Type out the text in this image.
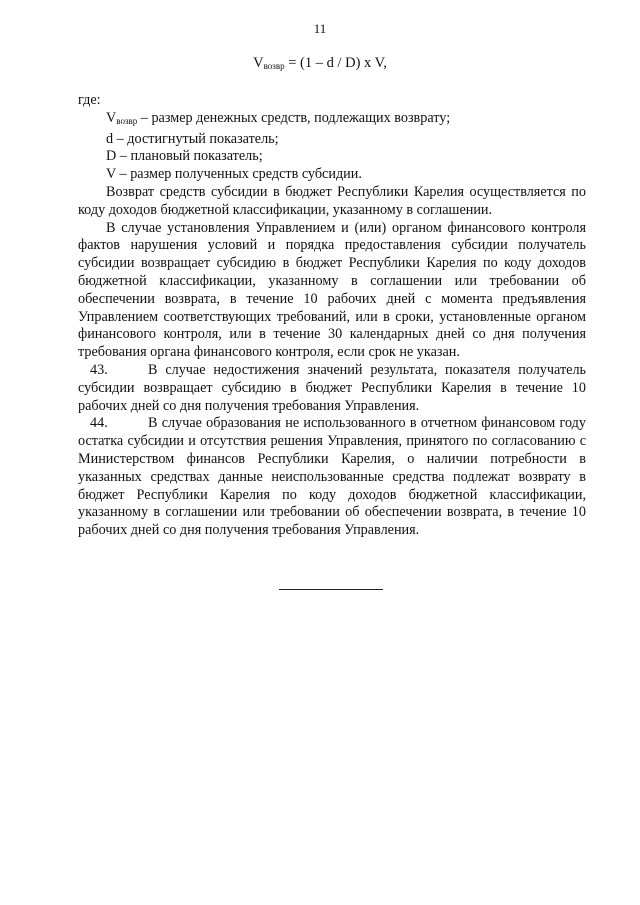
11
$V_{возвр} = (1 - d / D)$ x V,

где:

Vвозвр – размер денежных средств, подлежащих возврату;

d – достигнутый показатель;

D – плановый показатель;

V – размер полученных средств субсидии.

Возврат средств субсидии в бюджет Республики Карелия осуществляется по коду доходов бюджетной классификации, указанному в соглашении.

В случае установления Управлением и (или) органом финансового контроля фактов нарушения условий и порядка предоставления субсидии получатель субсидии возвращает субсидию в бюджет Республики Карелия по коду доходов бюджетной классификации, указанному в соглашении или требовании об обеспечении возврата, в течение 10 рабочих дней с момента предъявления Управлением соответствующих требований, или в сроки, установленные органом финансового контроля, или в течение 30 календарных дней со дня получения требования органа финансового контроля, если срок не указан.

43.	В случае недостижения значений результата, показателя получатель субсидии возвращает субсидию в бюджет Республики Карелия в течение 10 рабочих дней со дня получения требования Управления.

44.	В случае образования не использованного в отчетном финансовом году остатка субсидии и отсутствия решения Управления, принятого по согласованию с Министерством финансов Республики Карелия, о наличии потребности в указанных средствах данные неиспользованные средства подлежат возврату в бюджет Республики Карелия по коду доходов бюджетной классификации, указанному в соглашении или требовании об обеспечении возврата, в течение 10 рабочих дней со дня получения требования Управления.
